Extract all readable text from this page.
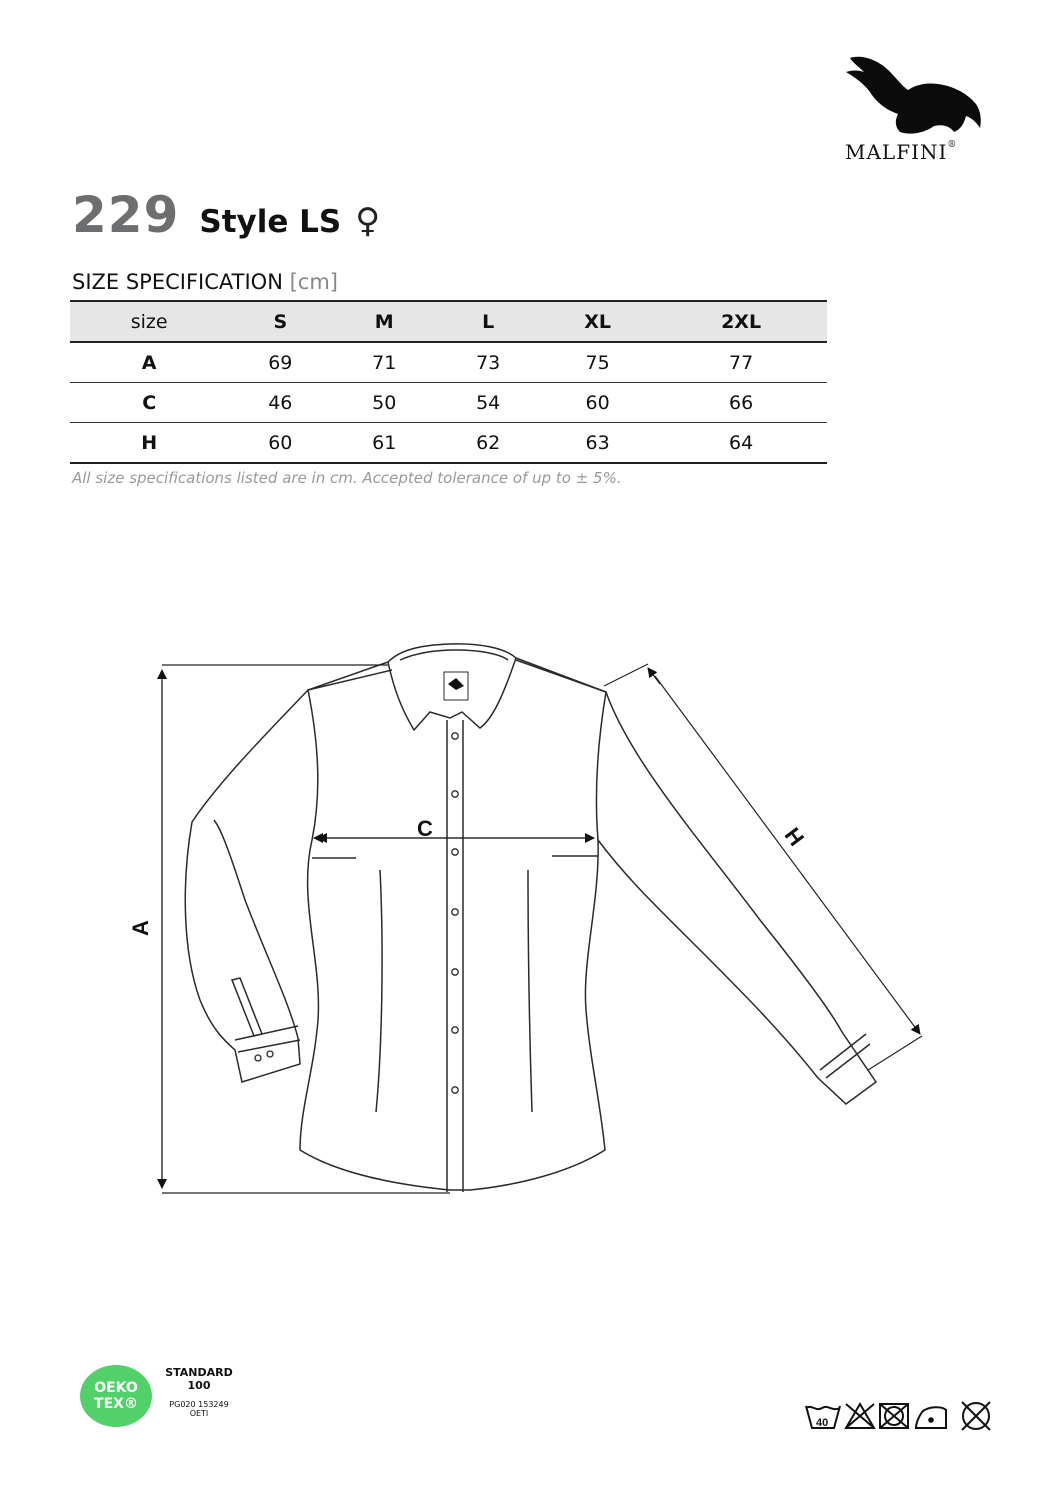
MALFINI®
229 Style LS ♀
SIZE SPECIFICATION [cm]
size	S	M	L	XL	2XL
A	69	71	73	75	77
C	46	50	54	60	66
H	60	61	62	63	64
All size specifications listed are in cm. Accepted tolerance of up to ± 5%.
A
C	H
OEKO
TEX®
STANDARD
100
PG020 153249
OETI
40
